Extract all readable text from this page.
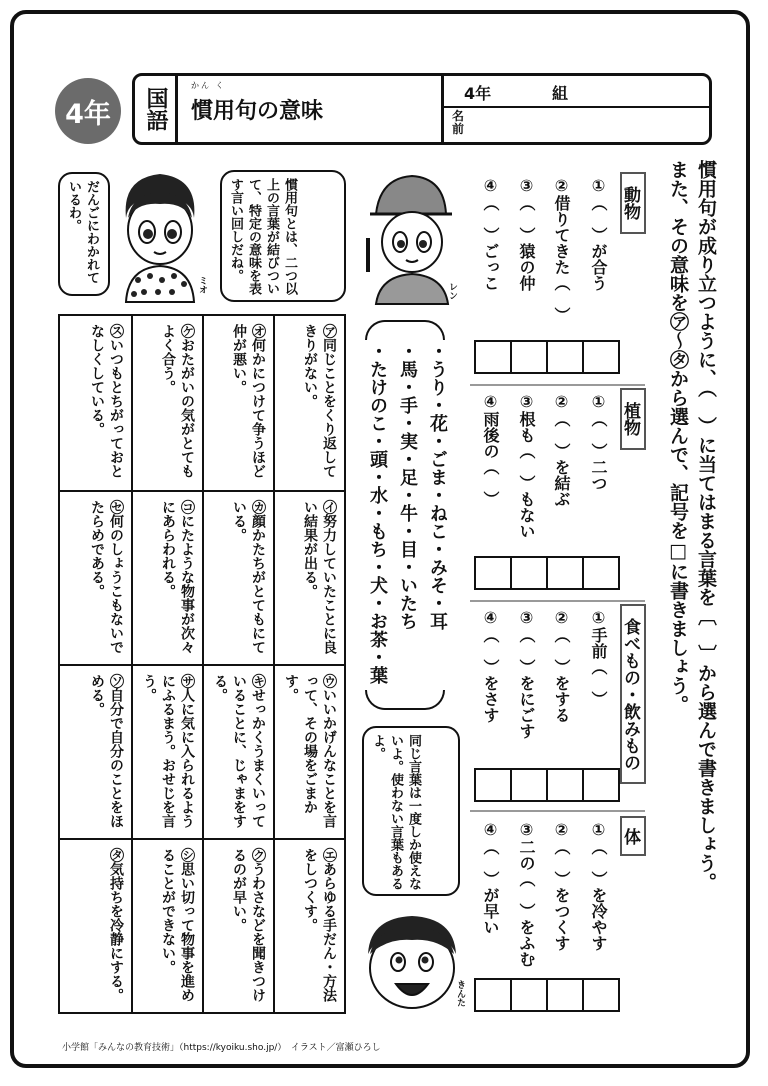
4年	国語
かん く
慣用句の意味
4年	組
名前
慣用句が成り立つように、（　）に当てはまる言葉を〔　〕から選んで書きましょう。
また、その意味を㋐〜㋟から選んで、記号を□に書きましょう。
動物
①（　）が合う
②借りてきた（　）
③（　）猿の仲
④（　）ごっこ
植物
①（　）二つ
②（　）を結ぶ
③根も（　）もない
④雨後の（　）
食べもの・飲みもの
①手前（　）
②（　）をする
③（　）をにごす
④（　）をさす
体
①（　）を冷やす
②（　）をつくす
③二の（　）をふむ
④（　）が早い
・うり・花・ごま・ねこ・みそ・耳
・馬・手・実・足・牛・目・いたち
・たけのこ・頭・水・もち・犬・お茶・葉
㋜いつもとちがっておとなしくしている。	㋘おたがいの気がとてもよく合う。	㋔何かにつけて争うほど仲が悪い。	㋐同じことをくり返してきりがない。
㋝何のしょうこもないでたらめである。	㋙にたような物事が次々にあらわれる。	㋕顔かたちがとてもにている。	㋑努力していたことに良い結果が出る。
㋞自分で自分のことをほめる。	㋚人に気に入られるようにふるまう。おせじを言う。	㋖せっかくうまくいっていることに、じゃまをする。	㋒いいかげんなことを言って、その場をごまかす。
㋟気持ちを冷静にする。	㋛思い切って物事を進めることができない。	㋗うわさなどを聞きつけるのが早い。	㋓あらゆる手だん・方法をしつくす。
だんごにわかれているわ。
ミオ	慣用句とは、二つ以上の言葉が結びついて、特定の意味を表す言い回しだね。
レン
同じ言葉は一度しか使えないよ。使わない言葉もあるよ。
きんた
小学館「みんなの教育技術」（https://kyoiku.sho.jp/）　イラスト／富瀬ひろし
